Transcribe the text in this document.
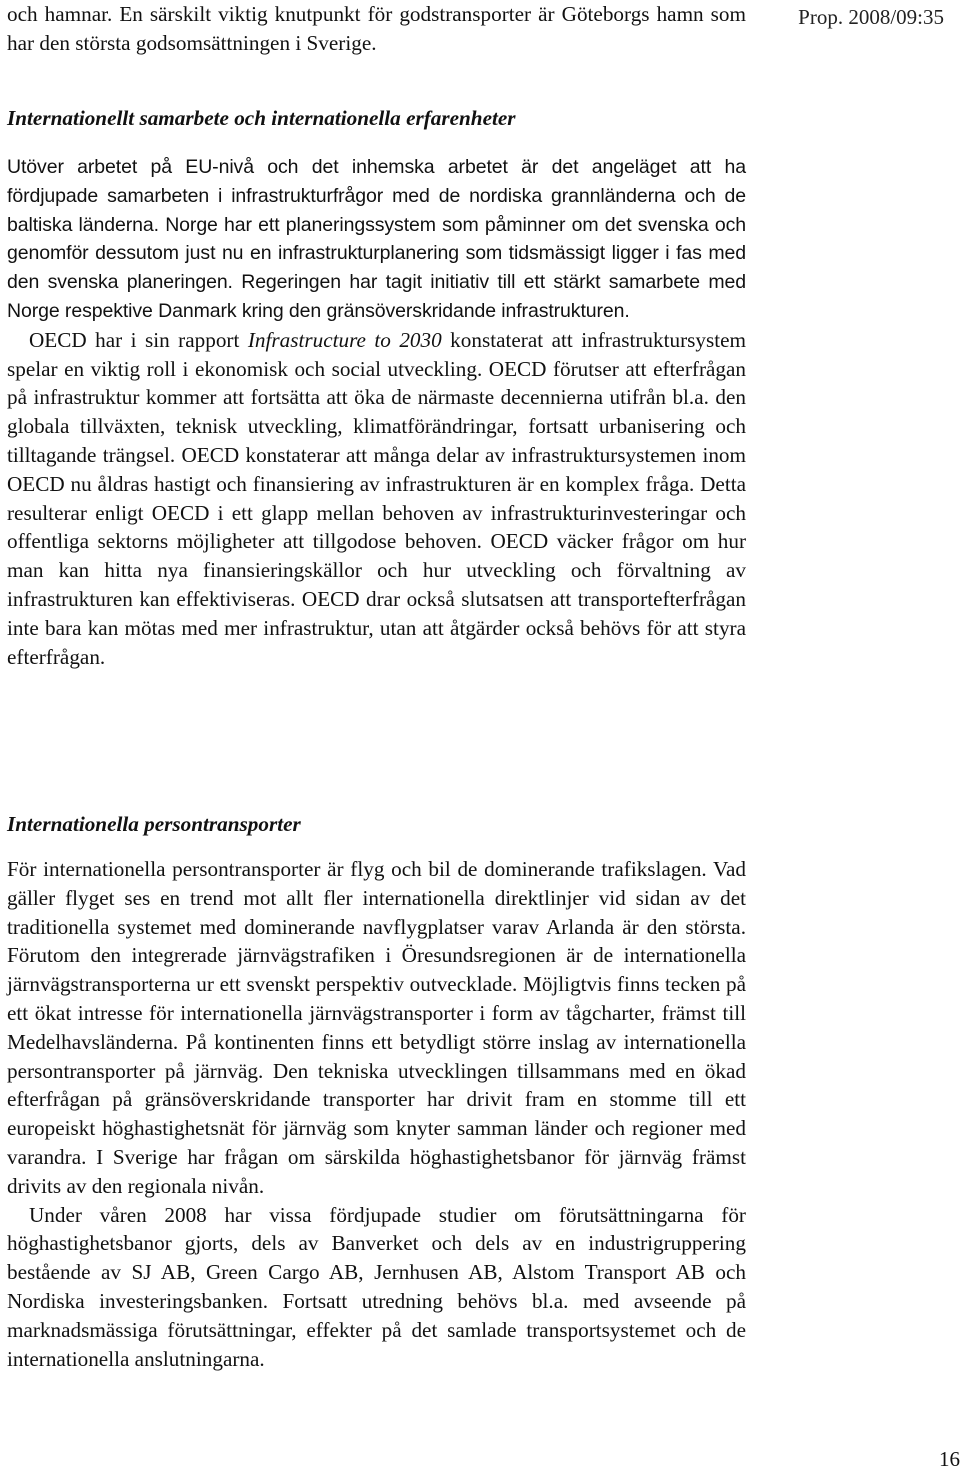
Prop. 2008/09:35

och hamnar. En särskilt viktig knutpunkt för godstransporter är Göteborgs hamn som har den största godsomsättningen i Sverige.

Internationellt samarbete och internationella erfarenheter

Utöver arbetet på EU-nivå och det inhemska arbetet är det angeläget att ha fördjupade samarbeten i infrastrukturfrågor med de nordiska grannländerna och de baltiska länderna. Norge har ett planeringssystem som påminner om det svenska och genomför dessutom just nu en infrastrukturplanering som tidsmässigt ligger i fas med den svenska planeringen. Regeringen har tagit initiativ till ett stärkt samarbete med Norge respektive Danmark kring den gränsöverskridande infrastrukturen.

OECD har i sin rapport Infrastructure to 2030 konstaterat att infrastruktursystem spelar en viktig roll i ekonomisk och social utveckling. OECD förutser att efterfrågan på infrastruktur kommer att fortsätta att öka de närmaste decennierna utifrån bl.a. den globala tillväxten, teknisk utveckling, klimatförändringar, fortsatt urbanisering och tilltagande trängsel. OECD konstaterar att många delar av infrastruktursystemen inom OECD nu åldras hastigt och finansiering av infrastrukturen är en komplex fråga. Detta resulterar enligt OECD i ett glapp mellan behoven av infrastrukturinvesteringar och offentliga sektorns möjligheter att tillgodose behoven. OECD väcker frågor om hur man kan hitta nya finansieringskällor och hur utveckling och förvaltning av infrastrukturen kan effektiviseras. OECD drar också slutsatsen att transportefterfrågan inte bara kan mötas med mer infrastruktur, utan att åtgärder också behövs för att styra efterfrågan.

Internationella persontransporter

För internationella persontransporter är flyg och bil de dominerande trafikslagen. Vad gäller flyget ses en trend mot allt fler internationella direktlinjer vid sidan av det traditionella systemet med dominerande navflygplatser varav Arlanda är den största. Förutom den integrerade järnvägstrafiken i Öresundsregionen är de internationella järnvägstransporterna ur ett svenskt perspektiv outvecklade. Möjligtvis finns tecken på ett ökat intresse för internationella järnvägstransporter i form av tågcharter, främst till Medelhavsländerna. På kontinenten finns ett betydligt större inslag av internationella persontransporter på järnväg. Den tekniska utvecklingen tillsammans med en ökad efterfrågan på gränsöverskridande transporter har drivit fram en stomme till ett europeiskt höghastighetsnät för järnväg som knyter samman länder och regioner med varandra. I Sverige har frågan om särskilda höghastighetsbanor för järnväg främst drivits av den regionala nivån.

Under våren 2008 har vissa fördjupade studier om förutsättningarna för höghastighetsbanor gjorts, dels av Banverket och dels av en industrigruppering bestående av SJ AB, Green Cargo AB, Jernhusen AB, Alstom Transport AB och Nordiska investeringsbanken. Fortsatt utredning behövs bl.a. med avseende på marknadsmässiga förutsättningar, effekter på det samlade transportsystemet och de internationella anslutningarna.

16
